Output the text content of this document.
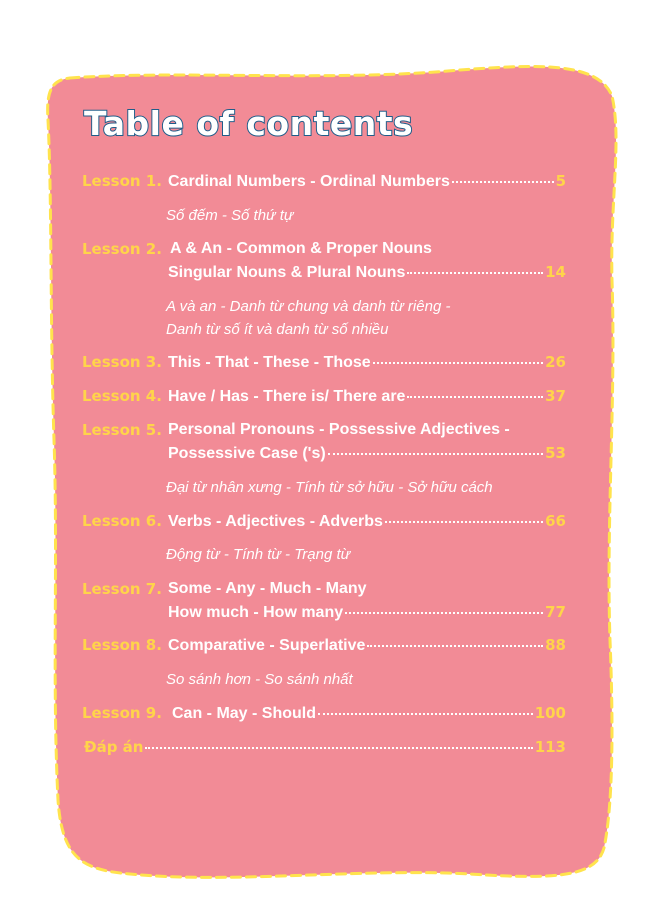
Table of contents
Lesson 1. Cardinal Numbers - Ordinal Numbers	5
Số đếm - Số thứ tự
Lesson 2. A & An - Common & Proper Nouns
Singular Nouns & Plural Nouns	14
A và an - Danh từ chung và danh từ riêng -
Danh từ số ít và danh từ số nhiều
Lesson 3. This - That - These - Those	26
Lesson 4. Have / Has - There is/ There are	37
Lesson 5. Personal Pronouns - Possessive Adjectives -
Possessive Case ('s)	53
Đại từ nhân xưng - Tính từ sở hữu - Sở hữu cách
Lesson 6. Verbs - Adjectives - Adverbs	66
Động từ - Tính từ - Trạng từ
Lesson 7. Some - Any - Much - Many
How much - How many	77
Lesson 8. Comparative - Superlative	88
So sánh hơn - So sánh nhất
Lesson 9. Can - May - Should	100
Đáp án	113
